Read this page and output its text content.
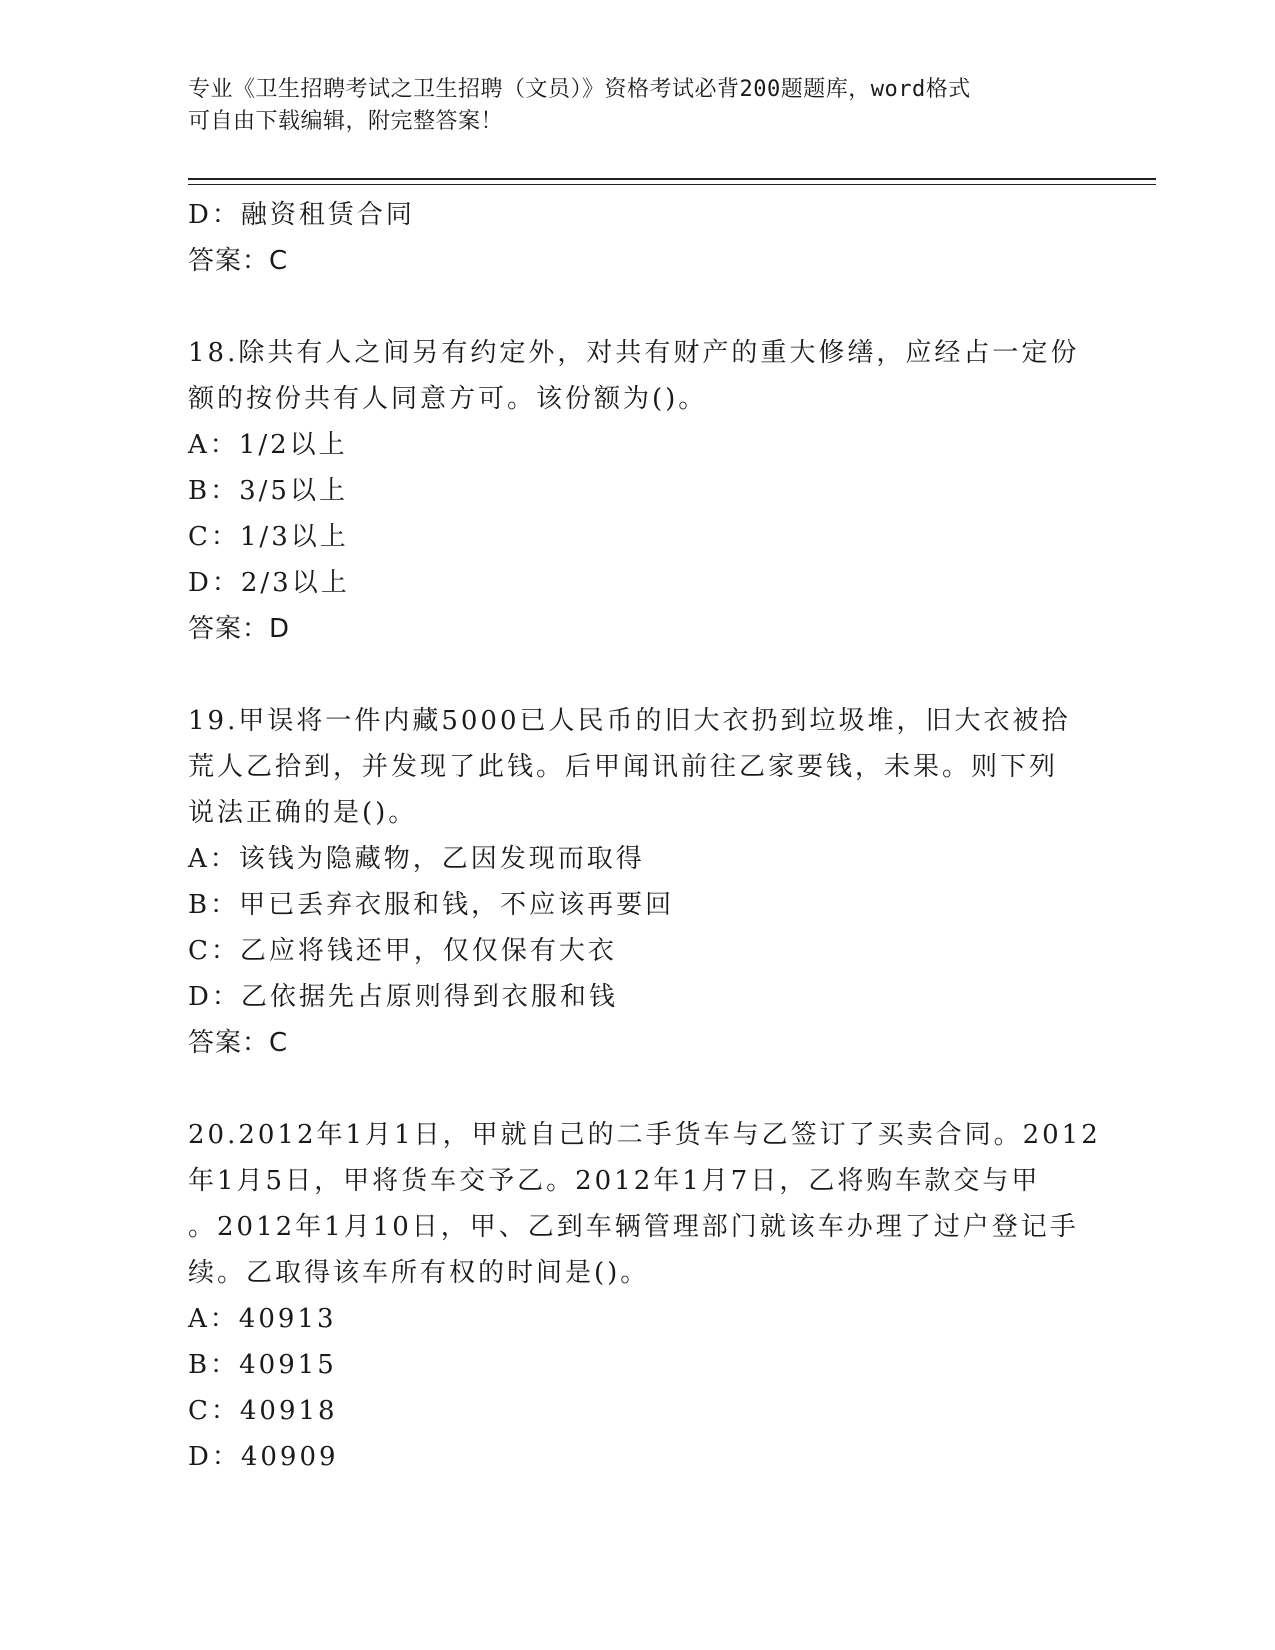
专业《卫生招聘考试之卫生招聘（文员）》资格考试必背200题题库，word格式
可自由下载编辑，附完整答案！
D：融资租赁合同
答案：C
18.除共有人之间另有约定外，对共有财产的重大修缮，应经占一定份
额的按份共有人同意方可。该份额为()。
A：1/2以上
B：3/5以上
C：1/3以上
D：2/3以上
答案：D
19.甲误将一件内藏5000已人民币的旧大衣扔到垃圾堆，旧大衣被拾
荒人乙拾到，并发现了此钱。后甲闻讯前往乙家要钱，未果。则下列
说法正确的是()。
A：该钱为隐藏物，乙因发现而取得
B：甲已丢弃衣服和钱，不应该再要回
C：乙应将钱还甲，仅仅保有大衣
D：乙依据先占原则得到衣服和钱
答案：C
20.2012年1月1日，甲就自己的二手货车与乙签订了买卖合同。2012
年1月5日，甲将货车交予乙。2012年1月7日，乙将购车款交与甲
。2012年1月10日，甲、乙到车辆管理部门就该车办理了过户登记手
续。乙取得该车所有权的时间是()。
A：40913
B：40915
C：40918
D：40909
